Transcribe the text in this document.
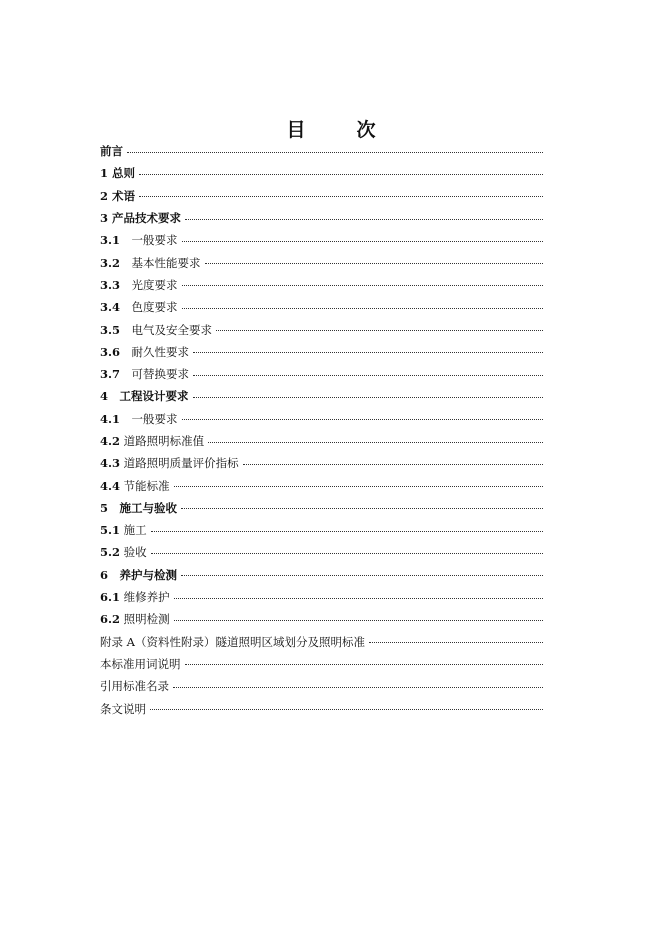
目　次
前言
1 总则
2 术语
3 产品技术要求
3.1　一般要求
3.2　基本性能要求
3.3　光度要求
3.4　色度要求
3.5　电气及安全要求
3.6　耐久性要求
3.7　可替换要求
4　工程设计要求
4.1　一般要求
4.2 道路照明标准值
4.3 道路照明质量评价指标
4.4 节能标准
5　施工与验收
5.1 施工
5.2 验收
6　养护与检测
6.1 维修养护
6.2 照明检测
附录 A（资料性附录）隧道照明区域划分及照明标准
本标准用词说明
引用标准名录
条文说明
